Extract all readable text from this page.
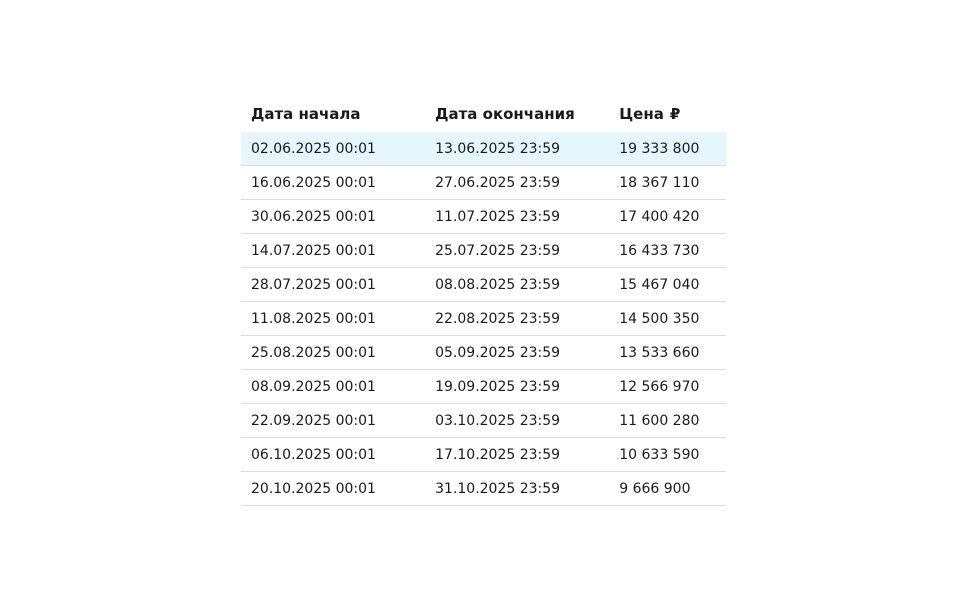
Дата начала	Дата окончания	Цена ₽
02.06.2025 00:01	13.06.2025 23:59	19 333 800
16.06.2025 00:01	27.06.2025 23:59	18 367 110
30.06.2025 00:01	11.07.2025 23:59	17 400 420
14.07.2025 00:01	25.07.2025 23:59	16 433 730
28.07.2025 00:01	08.08.2025 23:59	15 467 040
11.08.2025 00:01	22.08.2025 23:59	14 500 350
25.08.2025 00:01	05.09.2025 23:59	13 533 660
08.09.2025 00:01	19.09.2025 23:59	12 566 970
22.09.2025 00:01	03.10.2025 23:59	11 600 280
06.10.2025 00:01	17.10.2025 23:59	10 633 590
20.10.2025 00:01	31.10.2025 23:59	9 666 900
